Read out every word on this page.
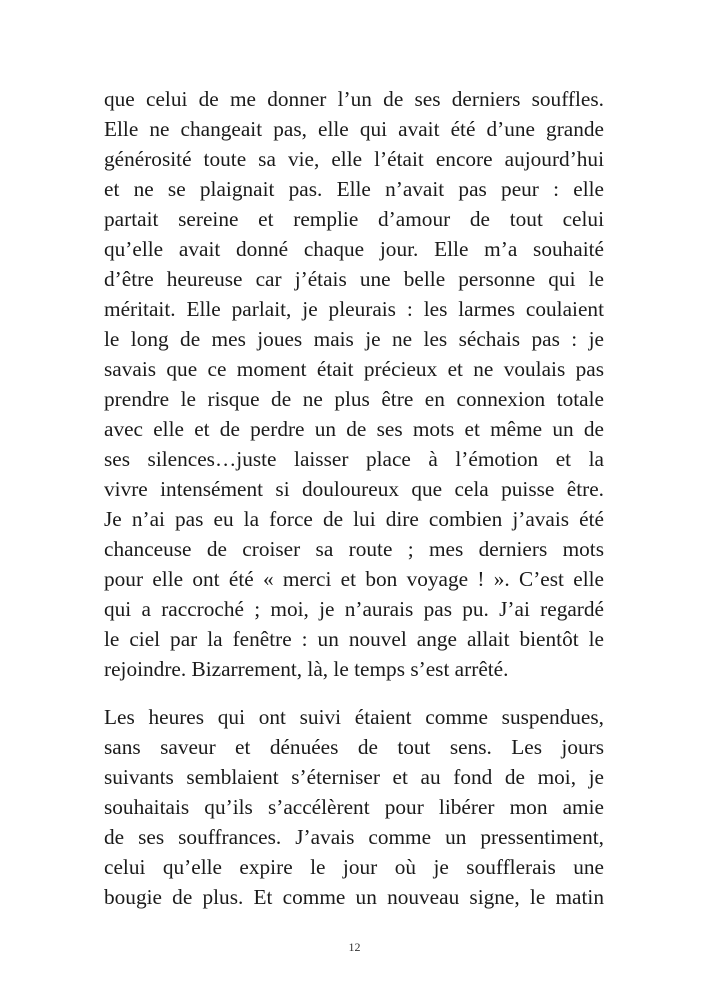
que celui de me donner l’un de ses derniers souffles.
Elle ne changeait pas, elle qui avait été d’une grande
générosité toute sa vie, elle l’était encore aujourd’hui
et ne se plaignait pas. Elle n’avait pas peur : elle
partait sereine et remplie d’amour de tout celui
qu’elle avait donné chaque jour. Elle m’a souhaité
d’être heureuse car j’étais une belle personne qui le
méritait. Elle parlait, je pleurais : les larmes coulaient
le long de mes joues mais je ne les séchais pas : je
savais que ce moment était précieux et ne voulais pas
prendre le risque de ne plus être en connexion totale
avec elle et de perdre un de ses mots et même un de
ses silences…juste laisser place à l’émotion et la
vivre intensément si douloureux que cela puisse être.
Je n’ai pas eu la force de lui dire combien j’avais été
chanceuse de croiser sa route ; mes derniers mots
pour elle ont été « merci et bon voyage ! ». C’est elle
qui a raccroché ; moi, je n’aurais pas pu. J’ai regardé
le ciel par la fenêtre : un nouvel ange allait bientôt le
rejoindre. Bizarrement, là, le temps s’est arrêté.

Les heures qui ont suivi étaient comme suspendues,
sans saveur et dénuées de tout sens. Les jours
suivants semblaient s’éterniser et au fond de moi, je
souhaitais qu’ils s’accélèrent pour libérer mon amie
de ses souffrances. J’avais comme un pressentiment,
celui qu’elle expire le jour où je soufflerais une
bougie de plus. Et comme un nouveau signe, le matin

12
